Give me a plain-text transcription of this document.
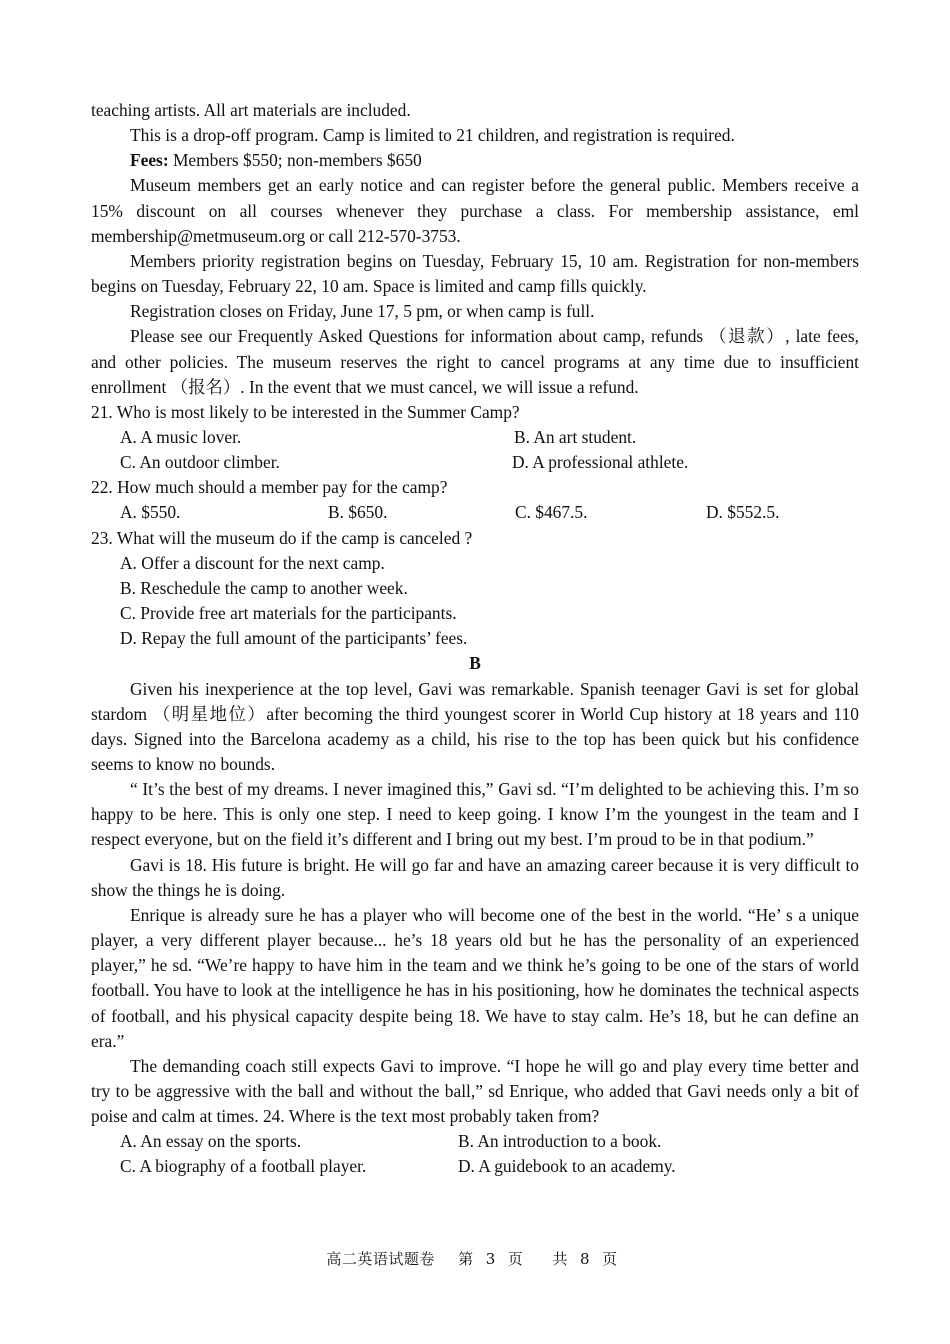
teaching artists. All art materials are included.

This is a drop-off program. Camp is limited to 21 children, and registration is required.

Fees: Members $550; non-members $650

Museum members get an early notice and can register before the general public. Members receive a 15% discount on all courses whenever they purchase a class. For membership assistance, eml membership@metmuseum.org or call 212-570-3753.

Members priority registration begins on Tuesday, February 15, 10 am. Registration for non-members begins on Tuesday, February 22, 10 am. Space is limited and camp fills quickly.

Registration closes on Friday, June 17, 5 pm, or when camp is full.

Please see our Frequently Asked Questions for information about camp, refunds （退款）, late fees, and other policies. The museum reserves the right to cancel programs at any time due to insufficient enrollment （报名）. In the event that we must cancel, we will issue a refund.

21. Who is most likely to be interested in the Summer Camp?

A. A music lover.	B. An art student.
C. An outdoor climber.	D. A professional athlete.

22. How much should a member pay for the camp?

A. $550.	B. $650.	C. $467.5.	D. $552.5.

23. What will the museum do if the camp is canceled ?

A. Offer a discount for the next camp.

B. Reschedule the camp to another week.

C. Provide free art materials for the participants.

D. Repay the full amount of the participants’ fees.

B

Given his inexperience at the top level, Gavi was remarkable. Spanish teenager Gavi is set for global stardom （明星地位）after becoming the third youngest scorer in World Cup history at 18 years and 110 days. Signed into the Barcelona academy as a child, his rise to the top has been quick but his confidence seems to know no bounds.

“ It’s the best of my dreams. I never imagined this,” Gavi sd. “I’m delighted to be achieving this. I’m so happy to be here. This is only one step. I need to keep going. I know I’m the youngest in the team and I respect everyone, but on the field it’s different and I bring out my best. I’m proud to be in that podium.”

Gavi is 18. His future is bright. He will go far and have an amazing career because it is very difficult to show the things he is doing.

Enrique is already sure he has a player who will become one of the best in the world. “He’ s a unique player, a very different player because... he’s 18 years old but he has the personality of an experienced player,” he sd. “We’re happy to have him in the team and we think he’s going to be one of the stars of world football. You have to look at the intelligence he has in his positioning, how he dominates the technical aspects of football, and his physical capacity despite being 18. We have to stay calm. He’s 18, but he can define an era.”

The demanding coach still expects Gavi to improve. “I hope he will go and play every time better and try to be aggressive with the ball and without the ball,” sd Enrique, who added that Gavi needs only a bit of poise and calm at times. 24. Where is the text most probably taken from?

A. An essay on the sports.	B. An introduction to a book.
C. A biography of a football player.	D. A guidebook to an academy.
高二英语试题卷 第 3 页 共 8 页
